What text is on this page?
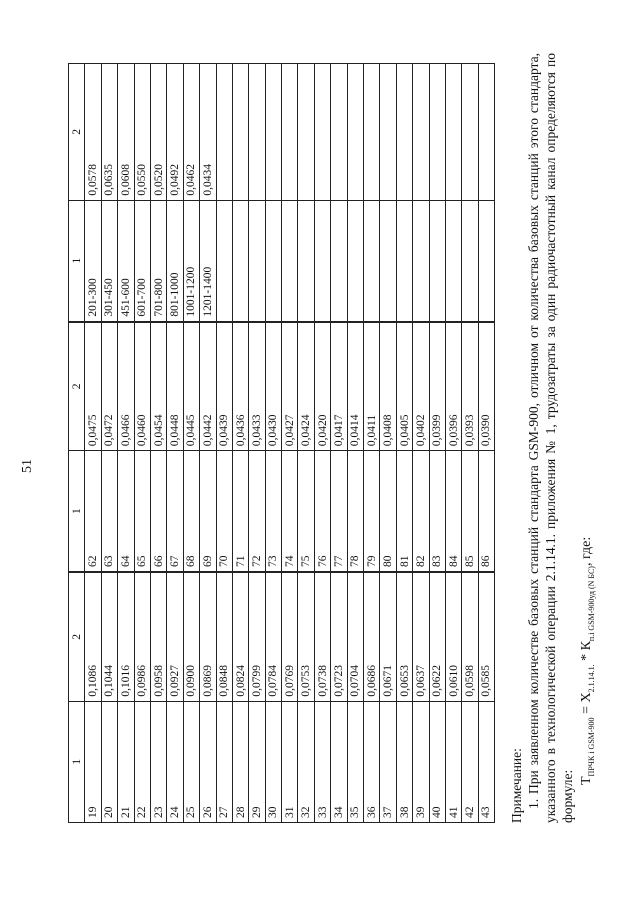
51
1	2	1	2	1	2
19	0,1086	62	0,0475	201-300	0,0578
20	0,1044	63	0,0472	301-450	0,0635
21	0,1016	64	0,0466	451-600	0,0608
22	0,0986	65	0,0460	601-700	0,0550
23	0,0958	66	0,0454	701-800	0,0520
24	0,0927	67	0,0448	801-1000	0,0492
25	0,0900	68	0,0445	1001-1200	0,0462
26	0,0869	69	0,0442	1201-1400	0,0434
27	0,0848	70	0,0439		
28	0,0824	71	0,0436		
29	0,0799	72	0,0433		
30	0,0784	73	0,0430		
31	0,0769	74	0,0427		
32	0,0753	75	0,0424		
33	0,0738	76	0,0420		
34	0,0723	77	0,0417		
35	0,0704	78	0,0414		
36	0,0686	79	0,0411		
37	0,0671	80	0,0408		
38	0,0653	81	0,0405		
39	0,0637	82	0,0402		
40	0,0622	83	0,0399		
41	0,0610	84	0,0396		
42	0,0598	85	0,0393		
43	0,0585	86	0,0390		

Примечание: 1. При заявленном количестве базовых станций стандарта GSM-900, отличном от количества базовых станций этого стандарта, указанного в технологической операции 2.1.14.1. приложения № 1, трудозатраты за один радиочастотный канал определяются по формуле: $Т_{ПРЧК i GSM-900} = Х_{2.1.14.1.} * К_{п.i GSM-900уд (N БС)}$, где:
